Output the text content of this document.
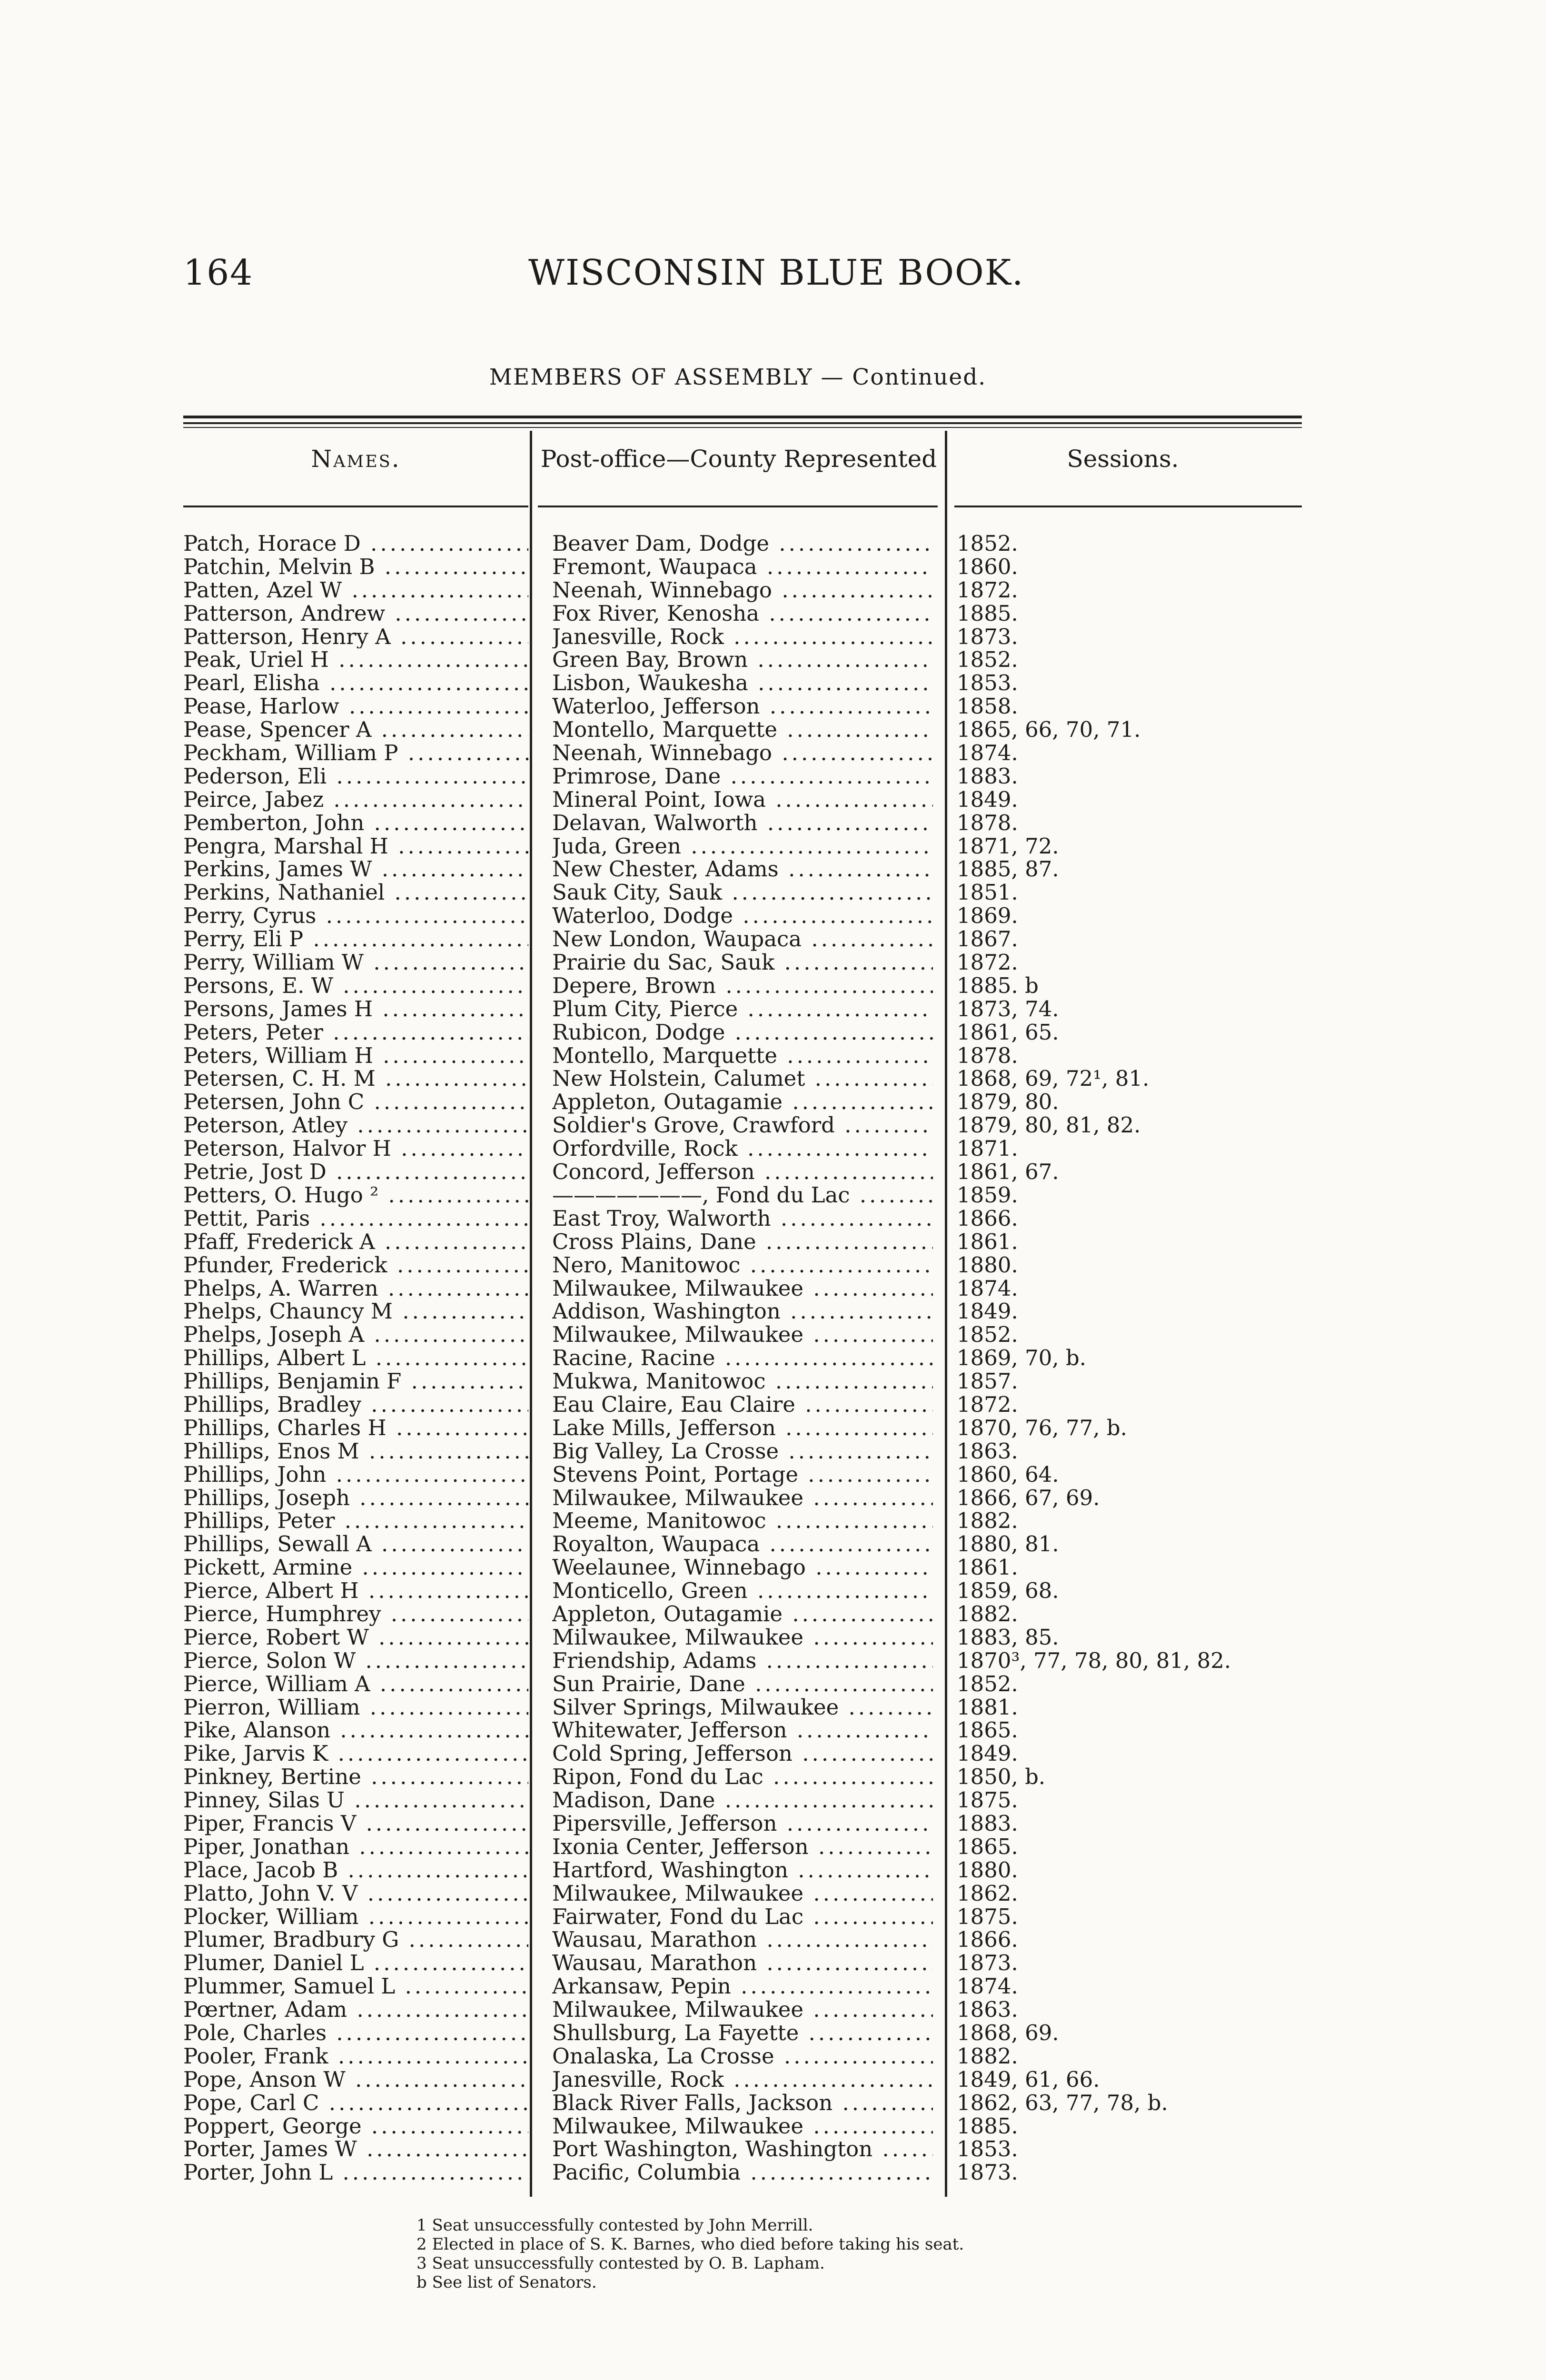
164	WISCONSIN BLUE BOOK.
MEMBERS OF ASSEMBLY — Continued.
Names.	Post-office—County Represented	Sessions.
Patch, Horace D .....	Beaver Dam, Dodge .....	1852.
Patchin, Melvin B .....	Fremont, Waupaca .....	1860.
Patten, Azel W .....	Neenah, Winnebago .....	1872.
Patterson, Andrew .....	Fox River, Kenosha .....	1885.
Patterson, Henry A .....	Janesville, Rock .....	1873.
Peak, Uriel H .....	Green Bay, Brown .....	1852.
Pearl, Elisha .....	Lisbon, Waukesha .....	1853.
Pease, Harlow .....	Waterloo, Jefferson .....	1858.
Pease, Spencer A .....	Montello, Marquette .....	1865, 66, 70, 71.
Peckham, William P .....	Neenah, Winnebago .....	1874.
Pederson, Eli .....	Primrose, Dane .....	1883.
Peirce, Jabez .....	Mineral Point, Iowa .....	1849.
Pemberton, John .....	Delavan, Walworth .....	1878.
Pengra, Marshal H .....	Juda, Green .....	1871, 72.
Perkins, James W .....	New Chester, Adams .....	1885, 87.
Perkins, Nathaniel .....	Sauk City, Sauk .....	1851.
Perry, Cyrus .....	Waterloo, Dodge .....	1869.
Perry, Eli P .....	New London, Waupaca .....	1867.
Perry, William W .....	Prairie du Sac, Sauk .....	1872.
Persons, E. W .....	Depere, Brown .....	1885. b
Persons, James H .....	Plum City, Pierce .....	1873, 74.
Peters, Peter .....	Rubicon, Dodge .....	1861, 65.
Peters, William H .....	Montello, Marquette .....	1878.
Petersen, C. H. M .....	New Holstein, Calumet .....	1868, 69, 72¹, 81.
Petersen, John C .....	Appleton, Outagamie .....	1879, 80.
Peterson, Atley .....	Soldier's Grove, Crawford .....	1879, 80, 81, 82.
Peterson, Halvor H .....	Orfordville, Rock .....	1871.
Petrie, Jost D .....	Concord, Jefferson .....	1861, 67.
Petters, O. Hugo ² .....	———————, Fond du Lac .....	1859.
Pettit, Paris .....	East Troy, Walworth .....	1866.
Pfaff, Frederick A .....	Cross Plains, Dane .....	1861.
Pfunder, Frederick .....	Nero, Manitowoc .....	1880.
Phelps, A. Warren .....	Milwaukee, Milwaukee .....	1874.
Phelps, Chauncy M .....	Addison, Washington .....	1849.
Phelps, Joseph A .....	Milwaukee, Milwaukee .....	1852.
Phillips, Albert L .....	Racine, Racine .....	1869, 70, b.
Phillips, Benjamin F .....	Mukwa, Manitowoc .....	1857.
Phillips, Bradley .....	Eau Claire, Eau Claire .....	1872.
Phillips, Charles H .....	Lake Mills, Jefferson .....	1870, 76, 77, b.
Phillips, Enos M .....	Big Valley, La Crosse .....	1863.
Phillips, John .....	Stevens Point, Portage .....	1860, 64.
Phillips, Joseph .....	Milwaukee, Milwaukee .....	1866, 67, 69.
Phillips, Peter .....	Meeme, Manitowoc .....	1882.
Phillips, Sewall A .....	Royalton, Waupaca .....	1880, 81.
Pickett, Armine .....	Weelaunee, Winnebago .....	1861.
Pierce, Albert H .....	Monticello, Green .....	1859, 68.
Pierce, Humphrey .....	Appleton, Outagamie .....	1882.
Pierce, Robert W .....	Milwaukee, Milwaukee .....	1883, 85.
Pierce, Solon W .....	Friendship, Adams .....	1870³, 77, 78, 80, 81, 82.
Pierce, William A .....	Sun Prairie, Dane .....	1852.
Pierron, William .....	Silver Springs, Milwaukee .....	1881.
Pike, Alanson .....	Whitewater, Jefferson .....	1865.
Pike, Jarvis K .....	Cold Spring, Jefferson .....	1849.
Pinkney, Bertine .....	Ripon, Fond du Lac .....	1850, b.
Pinney, Silas U .....	Madison, Dane .....	1875.
Piper, Francis V .....	Pipersville, Jefferson .....	1883.
Piper, Jonathan .....	Ixonia Center, Jefferson .....	1865.
Place, Jacob B .....	Hartford, Washington .....	1880.
Platto, John V. V .....	Milwaukee, Milwaukee .....	1862.
Plocker, William .....	Fairwater, Fond du Lac .....	1875.
Plumer, Bradbury G .....	Wausau, Marathon .....	1866.
Plumer, Daniel L .....	Wausau, Marathon .....	1873.
Plummer, Samuel L .....	Arkansaw, Pepin .....	1874.
Pœrtner, Adam .....	Milwaukee, Milwaukee .....	1863.
Pole, Charles .....	Shullsburg, La Fayette .....	1868, 69.
Pooler, Frank .....	Onalaska, La Crosse .....	1882.
Pope, Anson W .....	Janesville, Rock .....	1849, 61, 66.
Pope, Carl C .....	Black River Falls, Jackson .....	1862, 63, 77, 78, b.
Poppert, George .....	Milwaukee, Milwaukee .....	1885.
Porter, James W .....	Port Washington, Washington .....	1853.
Porter, John L .....	Pacific, Columbia .....	1873.
1 Seat unsuccessfully contested by John Merrill.
2 Elected in place of S. K. Barnes, who died before taking his seat.
3 Seat unsuccessfully contested by O. B. Lapham.
b See list of Senators.
